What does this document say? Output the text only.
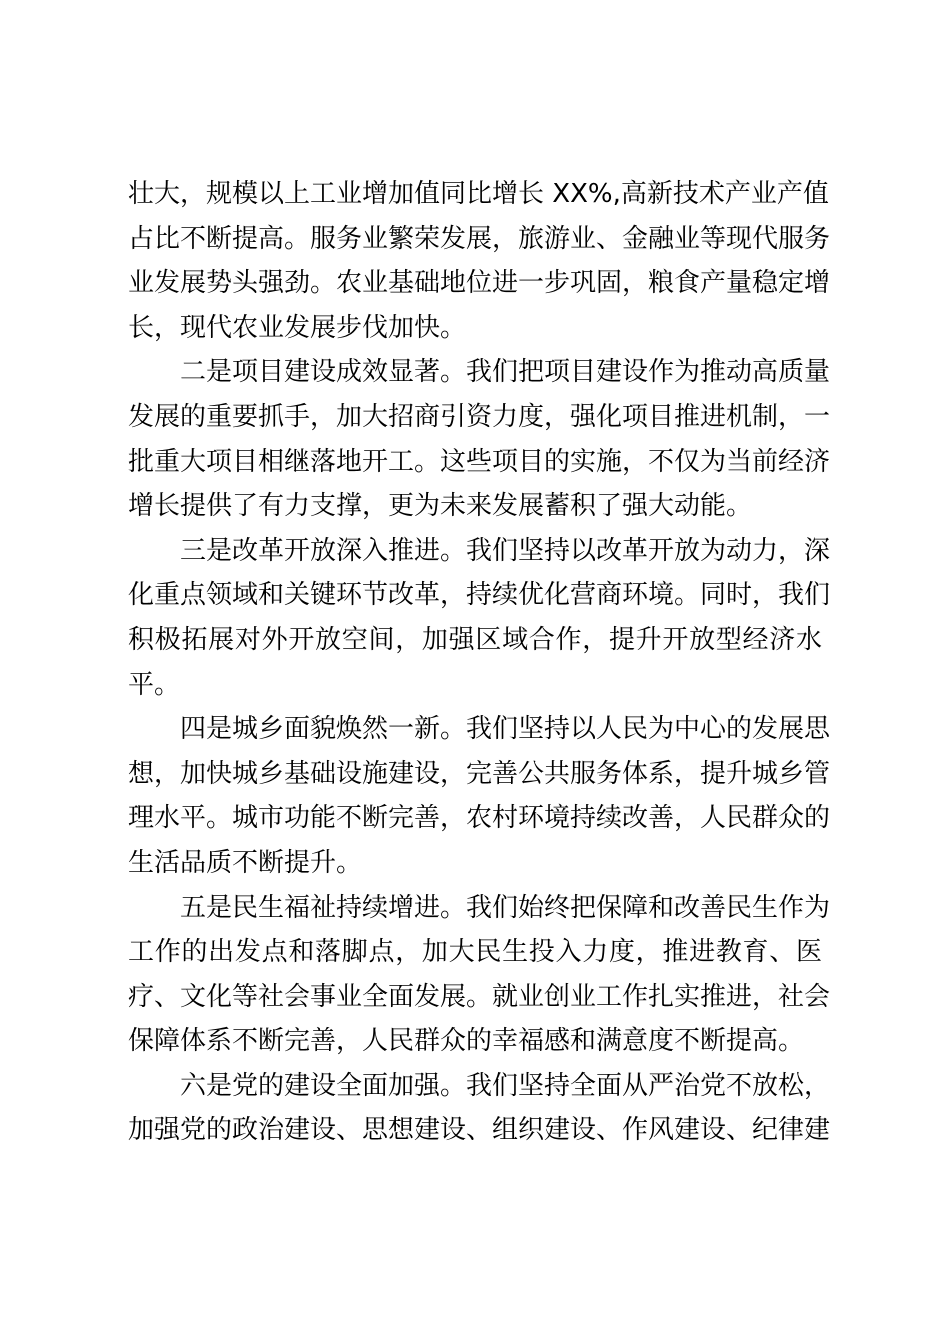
壮大，规模以上工业增加值同比增长 XX%,高新技术产业产值
占比不断提高。服务业繁荣发展，旅游业、金融业等现代服务
业发展势头强劲。农业基础地位进一步巩固，粮食产量稳定增
长，现代农业发展步伐加快。
二是项目建设成效显著。我们把项目建设作为推动高质量
发展的重要抓手，加大招商引资力度，强化项目推进机制，一
批重大项目相继落地开工。这些项目的实施，不仅为当前经济
增长提供了有力支撑，更为未来发展蓄积了强大动能。
三是改革开放深入推进。我们坚持以改革开放为动力，深
化重点领域和关键环节改革，持续优化营商环境。同时，我们
积极拓展对外开放空间，加强区域合作，提升开放型经济水
平。
四是城乡面貌焕然一新。我们坚持以人民为中心的发展思
想，加快城乡基础设施建设，完善公共服务体系，提升城乡管
理水平。城市功能不断完善，农村环境持续改善，人民群众的
生活品质不断提升。
五是民生福祉持续增进。我们始终把保障和改善民生作为
工作的出发点和落脚点，加大民生投入力度，推进教育、医
疗、文化等社会事业全面发展。就业创业工作扎实推进，社会
保障体系不断完善，人民群众的幸福感和满意度不断提高。
六是党的建设全面加强。我们坚持全面从严治党不放松，
加强党的政治建设、思想建设、组织建设、作风建设、纪律建
